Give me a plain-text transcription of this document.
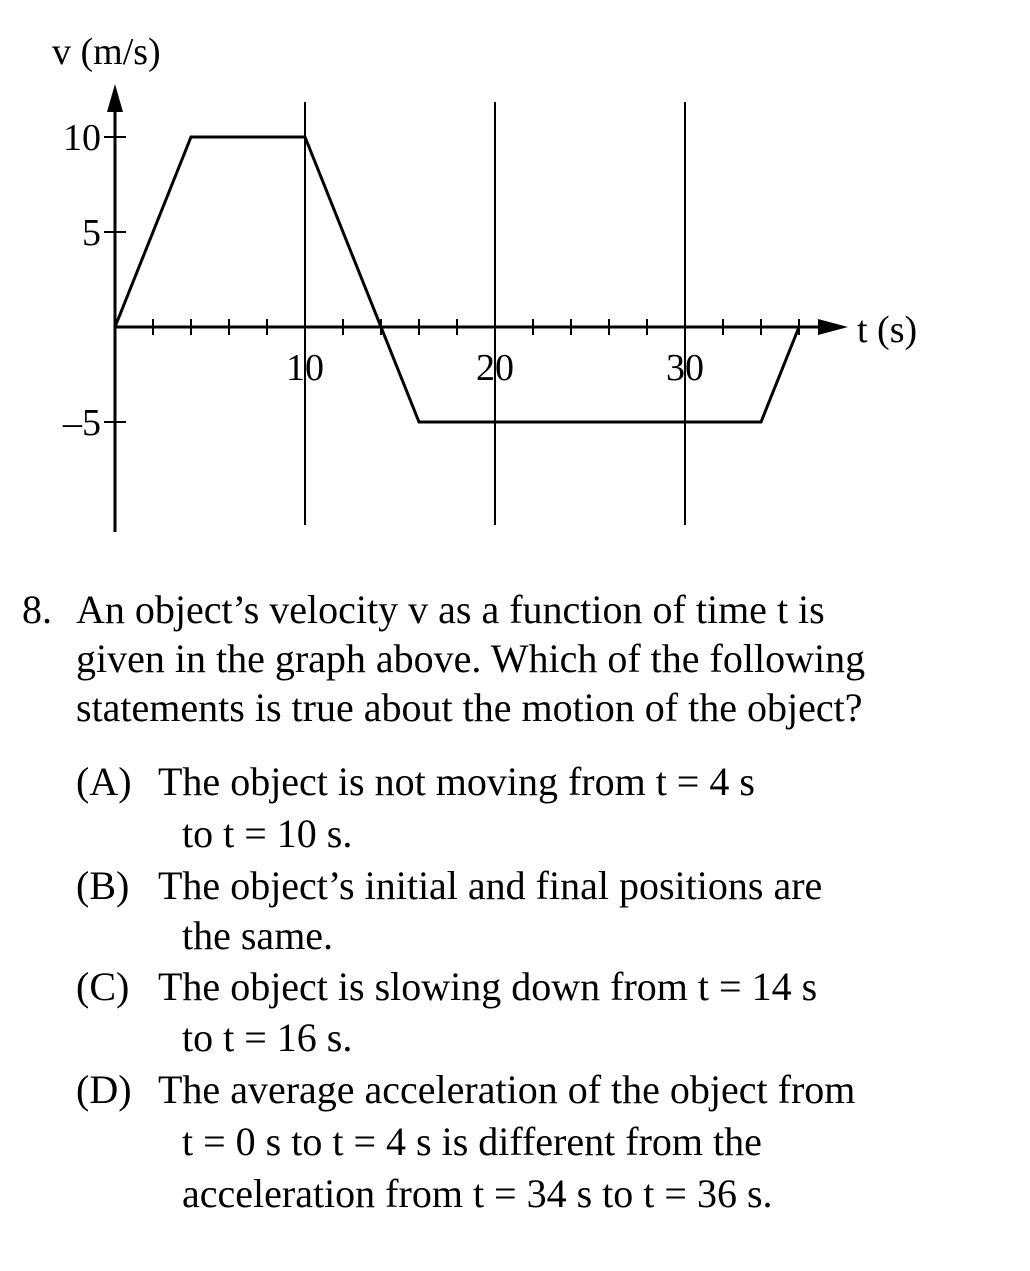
10	20	30
10
5
–5
v (m/s)
t (s)
8. An object’s velocity v as a function of time t is
given in the graph above. Which of the following
statements is true about the motion of the object?
(A) The object is not moving from t = 4 s
to t = 10 s.
(B) The object’s initial and final positions are
the same.
(C) The object is slowing down from t = 14 s
to t = 16 s.
(D) The average acceleration of the object from
t = 0 s to t = 4 s is different from the
acceleration from t = 34 s to t = 36 s.
